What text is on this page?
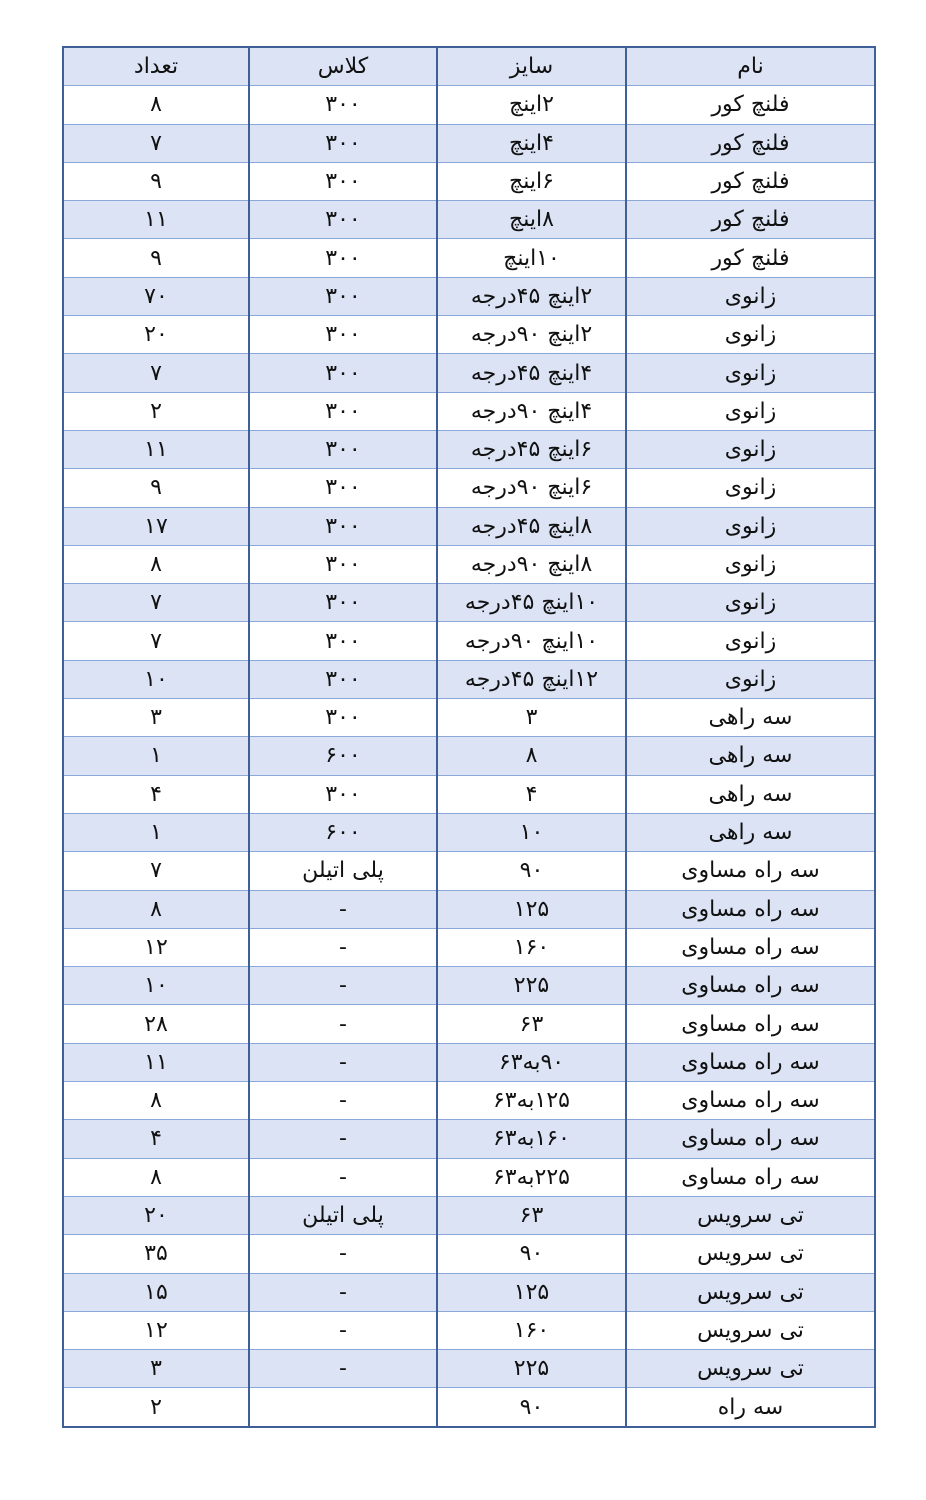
تعداد	کلاس	سایز	نام
۸	۳۰۰	۲اینچ	فلنچ کور
۷	۳۰۰	۴اینچ	فلنچ کور
۹	۳۰۰	۶اینچ	فلنچ کور
۱۱	۳۰۰	۸اینچ	فلنچ کور
۹	۳۰۰	۱۰اینچ	فلنچ کور
۷۰	۳۰۰	۲اینچ ۴۵درجه	زانوی
۲۰	۳۰۰	۲اینچ ۹۰درجه	زانوی
۷	۳۰۰	۴اینچ ۴۵درجه	زانوی
۲	۳۰۰	۴اینچ ۹۰درجه	زانوی
۱۱	۳۰۰	۶اینچ ۴۵درجه	زانوی
۹	۳۰۰	۶اینچ ۹۰درجه	زانوی
۱۷	۳۰۰	۸اینچ ۴۵درجه	زانوی
۸	۳۰۰	۸اینچ ۹۰درجه	زانوی
۷	۳۰۰	۱۰اینچ ۴۵درجه	زانوی
۷	۳۰۰	۱۰اینچ ۹۰درجه	زانوی
۱۰	۳۰۰	۱۲اینچ ۴۵درجه	زانوی
۳	۳۰۰	۳	سه راهی
۱	۶۰۰	۸	سه راهی
۴	۳۰۰	۴	سه راهی
۱	۶۰۰	۱۰	سه راهی
۷	پلی اتیلن	۹۰	سه راه مساوی
۸	-	۱۲۵	سه راه مساوی
۱۲	-	۱۶۰	سه راه مساوی
۱۰	-	۲۲۵	سه راه مساوی
۲۸	-	۶۳	سه راه مساوی
۱۱	-	۹۰به۶۳	سه راه مساوی
۸	-	۱۲۵به۶۳	سه راه مساوی
۴	-	۱۶۰به۶۳	سه راه مساوی
۸	-	۲۲۵به۶۳	سه راه مساوی
۲۰	پلی اتیلن	۶۳	تی سرویس
۳۵	-	۹۰	تی سرویس
۱۵	-	۱۲۵	تی سرویس
۱۲	-	۱۶۰	تی سرویس
۳	-	۲۲۵	تی سرویس
۲		۹۰	سه راه
